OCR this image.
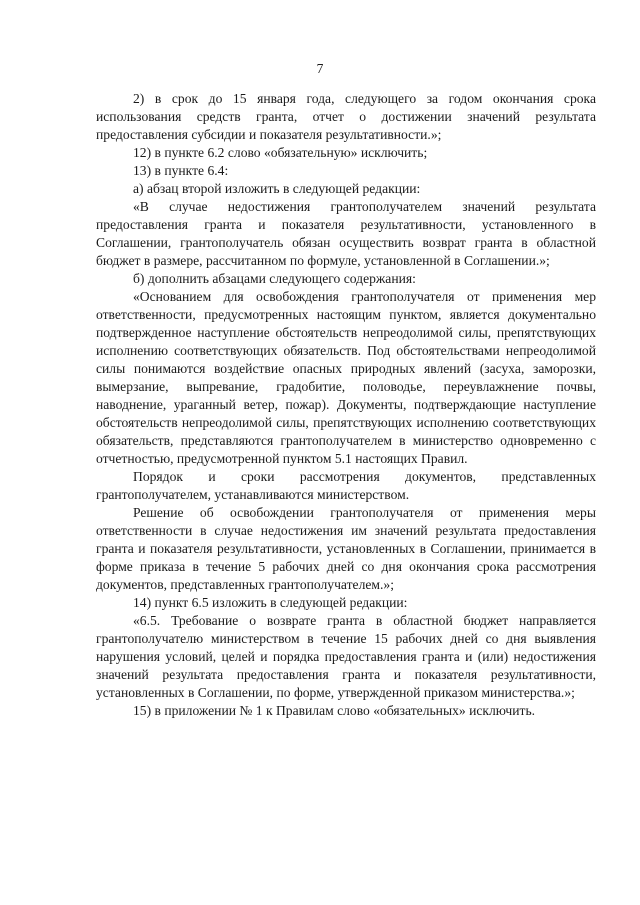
7

2) в срок до 15 января года, следующего за годом окончания срока использования средств гранта, отчет о достижении значений результата предоставления субсидии и показателя результативности.»;

12) в пункте 6.2 слово «обязательную» исключить;

13) в пункте 6.4:

а) абзац второй изложить в следующей редакции:

«В случае недостижения грантополучателем значений результата предоставления гранта и показателя результативности, установленного в Соглашении, грантополучатель обязан осуществить возврат гранта в областной бюджет в размере, рассчитанном по формуле, установленной в Соглашении.»;

б) дополнить абзацами следующего содержания:

«Основанием для освобождения грантополучателя от применения мер ответственности, предусмотренных настоящим пунктом, является документально подтвержденное наступление обстоятельств непреодолимой силы, препятствующих исполнению соответствующих обязательств. Под обстоятельствами непреодолимой силы понимаются воздействие опасных природных явлений (засуха, заморозки, вымерзание, выпревание, градобитие, половодье, переувлажнение почвы, наводнение, ураганный ветер, пожар). Документы, подтверждающие наступление обстоятельств непреодолимой силы, препятствующих исполнению соответствующих обязательств, представляются грантополучателем в министерство одновременно с отчетностью, предусмотренной пунктом 5.1 настоящих Правил.

Порядок и сроки рассмотрения документов, представленных грантополучателем, устанавливаются министерством.

Решение об освобождении грантополучателя от применения меры ответственности в случае недостижения им значений результата предоставления гранта и показателя результативности, установленных в Соглашении, принимается в форме приказа в течение 5 рабочих дней со дня окончания срока рассмотрения документов, представленных грантополучателем.»;

14) пункт 6.5 изложить в следующей редакции:

«6.5. Требование о возврате гранта в областной бюджет направляется грантополучателю министерством в течение 15 рабочих дней со дня выявления нарушения условий, целей и порядка предоставления гранта и (или) недостижения значений результата предоставления гранта и показателя результативности, установленных в Соглашении, по форме, утвержденной приказом министерства.»;

15) в приложении № 1 к Правилам слово «обязательных» исключить.
